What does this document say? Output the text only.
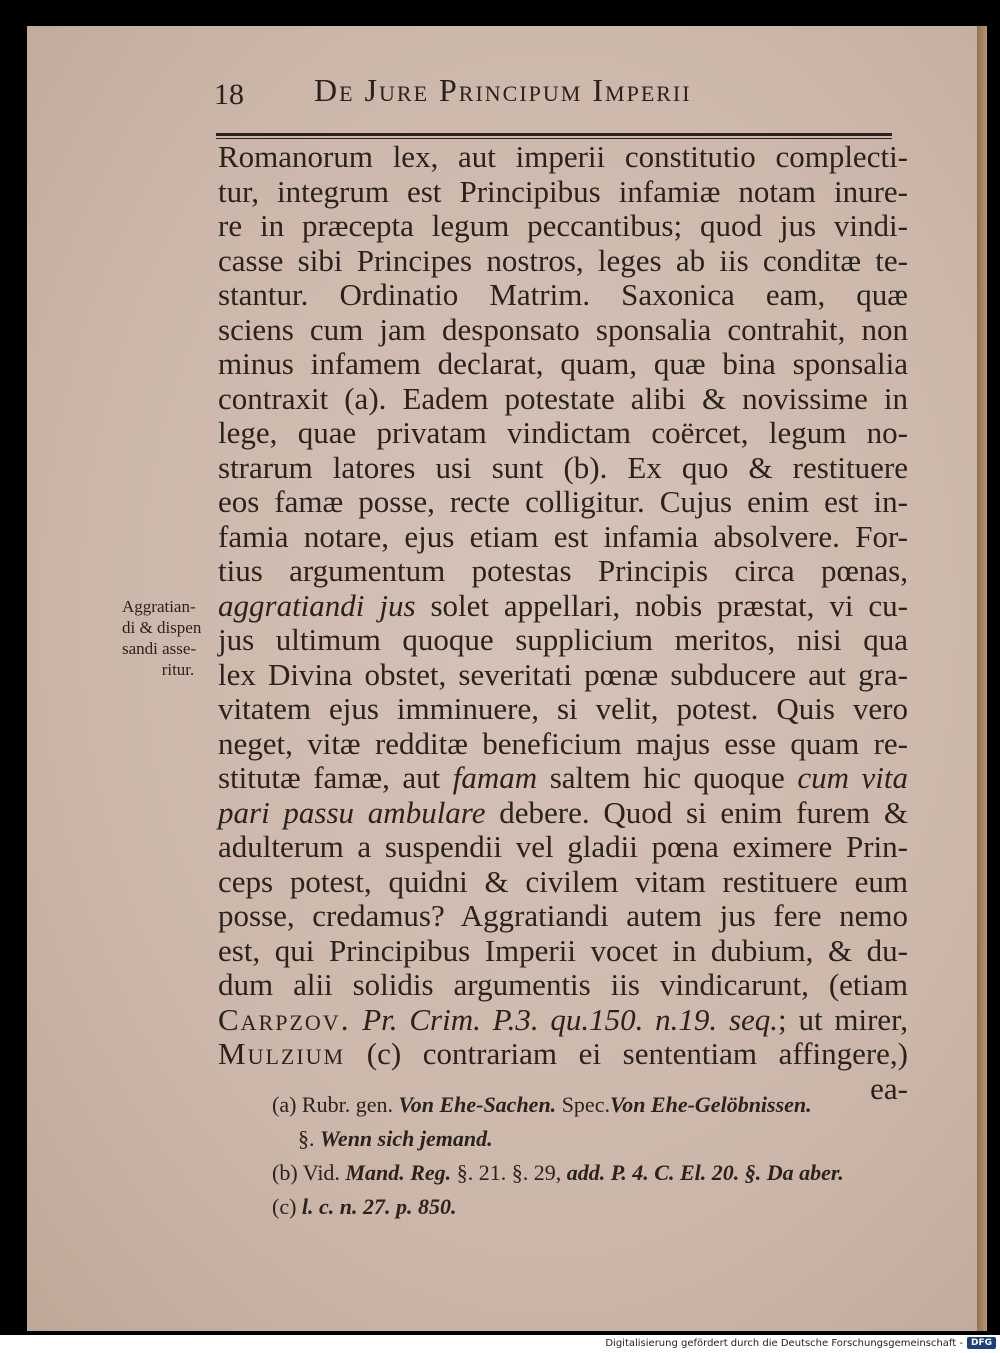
18 De Jure Principum Imperii
Romanorum lex, aut imperii constitutio complecti-
tur, integrum est Principibus infamiæ notam inure-
re in præcepta legum peccantibus; quod jus vindi-
casse sibi Principes nostros, leges ab iis conditæ te-
stantur. Ordinatio Matrim. Saxonica eam, quæ
sciens cum jam desponsato sponsalia contrahit, non
minus infamem declarat, quam, quæ bina sponsalia
contraxit (a). Eadem potestate alibi & novissime in
lege, quae privatam vindictam coërcet, legum no-
strarum latores usi sunt (b). Ex quo & restituere
eos famæ posse, recte colligitur. Cujus enim est in-
famia notare, ejus etiam est infamia absolvere. For-
tius argumentum potestas Principis circa pœnas,
aggratiandi jus solet appellari, nobis præstat, vi cu-
jus ultimum quoque supplicium meritos, nisi qua
lex Divina obstet, severitati pœnæ subducere aut gra-
vitatem ejus imminuere, si velit, potest. Quis vero
neget, vitæ redditæ beneficium majus esse quam re-
stitutæ famæ, aut famam saltem hic quoque cum vita
pari passu ambulare debere. Quod si enim furem &
adulterum a suspendii vel gladii pœna eximere Prin-
ceps potest, quidni & civilem vitam restituere eum
posse, credamus? Aggratiandi autem jus fere nemo
est, qui Principibus Imperii vocet in dubium, & du-
dum alii solidis argumentis iis vindicarunt, (etiam
Carpzov. Pr. Crim. P.3. qu.150. n.19. seq.; ut mirer,
Mulzium (c) contrariam ei sententiam affingere,)
ea-
Aggratian-
di & dispen
sandi asse-
ritur.
(a) Rubr. gen. Von Ehe-Sachen. Spec.Von Ehe-Gelöbnissen.
§. Wenn sich jemand.
(b) Vid. Mand. Reg. §. 21. §. 29, add. P. 4. C. El. 20. §. Da aber.
(c) l. c. n. 27. p. 850.
Digitalisierung gefördert durch die Deutsche Forschungsgemeinschaft - DFG
